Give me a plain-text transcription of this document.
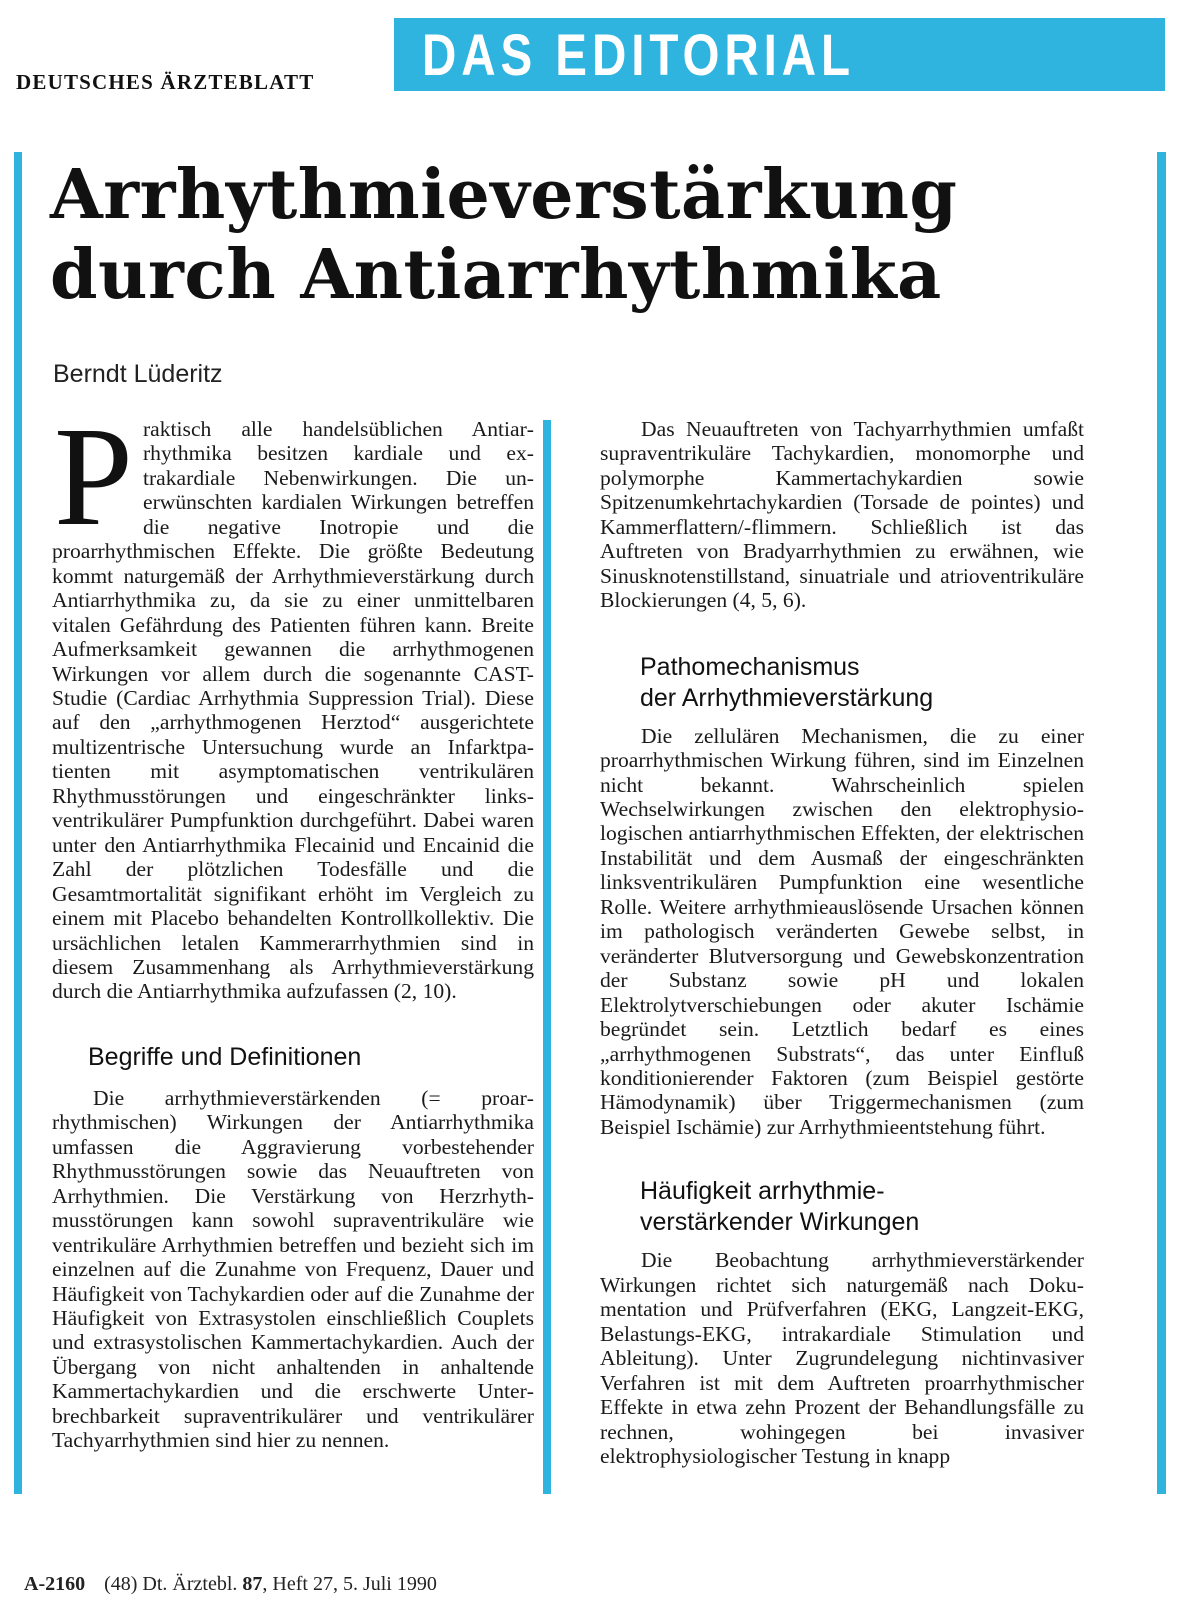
DEUTSCHES ÄRZTEBLATT DAS EDITORIAL
Arrhythmieverstärkung
durch Antiarrhythmika
Berndt Lüderitz

Praktisch alle handelsüblichen Antiarrhythmika besitzen kardiale und extrakardiale Nebenwirkungen. Die unerwünschten kardialen Wirkungen betreffen die negative Inotropie und die proarrhythmischen Effekte. Die größte Bedeutung kommt naturgemäß der Arrhythmieverstärkung durch Antiarrhythmika zu, da sie zu einer unmittelbaren vitalen Gefährdung des Patienten führen kann. Breite Aufmerksamkeit gewannen die arrhythmogenen Wirkungen vor allem durch die sogenannte CAST-Studie (Cardiac Arrhythmia Suppression Trial). Diese auf den „arrhythmogenen Herztod“ ausgerichtete multizentrische Untersuchung wurde an Infarktpatienten mit asymptomatischen ventrikulären Rhythmusstörungen und eingeschränkter linksventrikulärer Pumpfunktion durchgeführt. Dabei waren unter den Antiarrhythmika Flecainid und Encainid die Zahl der plötzlichen Todesfälle und die Gesamtmortalität signifikant erhöht im Vergleich zu einem mit Placebo behandelten Kontrollkollektiv. Die ursächlichen letalen Kammerarrhythmien sind in diesem Zusammenhang als Arrhythmieverstärkung durch die Antiarrhythmika aufzufassen (2, 10).

Begriffe und Definitionen

Die arrhythmieverstärkenden (= proarrhythmischen) Wirkungen der Antiarrhythmika umfassen die Aggravierung vorbestehender Rhythmusstörungen sowie das Neuauftreten von Arrhythmien. Die Verstärkung von Herzrhythmusstörungen kann sowohl supraventrikuläre wie ventrikuläre Arrhythmien betreffen und bezieht sich im einzelnen auf die Zunahme von Frequenz, Dauer und Häufigkeit von Tachykardien oder auf die Zunahme der Häufigkeit von Extrasystolen einschließlich Couplets und extrasystolischen Kammertachykardien. Auch der Übergang von nicht anhaltenden in anhaltende Kammertachykardien und die erschwerte Unterbrechbarkeit supraventrikulärer und ventrikulärer Tachyarrhythmien sind hier zu nennen.

Das Neuauftreten von Tachyarrhythmien umfaßt supraventrikuläre Tachykardien, monomorphe und polymorphe Kammertachykardien sowie Spitzenumkehrtachykardien (Torsade de pointes) und Kammerflattern/-flimmern. Schließlich ist das Auftreten von Bradyarrhythmien zu erwähnen, wie Sinusknotenstillstand, sinuatriale und atrioventrikuläre Blockierungen (4, 5, 6).

Pathomechanismus
der Arrhythmieverstärkung

Die zellulären Mechanismen, die zu einer proarrhythmischen Wirkung führen, sind im Einzelnen nicht bekannt. Wahrscheinlich spielen Wechselwirkungen zwischen den elektrophysiologischen antiarrhythmischen Effekten, der elektrischen Instabilität und dem Ausmaß der eingeschränkten linksventrikulären Pumpfunktion eine wesentliche Rolle. Weitere arrhythmieauslösende Ursachen können im pathologisch veränderten Gewebe selbst, in veränderter Blutversorgung und Gewebskonzentration der Substanz sowie pH und lokalen Elektrolytverschiebungen oder akuter Ischämie begründet sein. Letztlich bedarf es eines „arrhythmogenen Substrats“, das unter Einfluß konditionierender Faktoren (zum Beispiel gestörte Hämodynamik) über Triggermechanismen (zum Beispiel Ischämie) zur Arrhythmieentstehung führt.

Häufigkeit arrhythmie-
verstärkender Wirkungen

Die Beobachtung arrhythmieverstärkender Wirkungen richtet sich naturgemäß nach Dokumentation und Prüfverfahren (EKG, Langzeit-EKG, Belastungs-EKG, intrakardiale Stimulation und Ableitung). Unter Zugrundelegung nichtinvasiver Verfahren ist mit dem Auftreten proarrhythmischer Effekte in etwa zehn Prozent der Behandlungsfälle zu rechnen, wohingegen bei invasiver elektrophysiologischer Testung in knapp

A-2160 (48) Dt. Ärztebl. 87, Heft 27, 5. Juli 1990
